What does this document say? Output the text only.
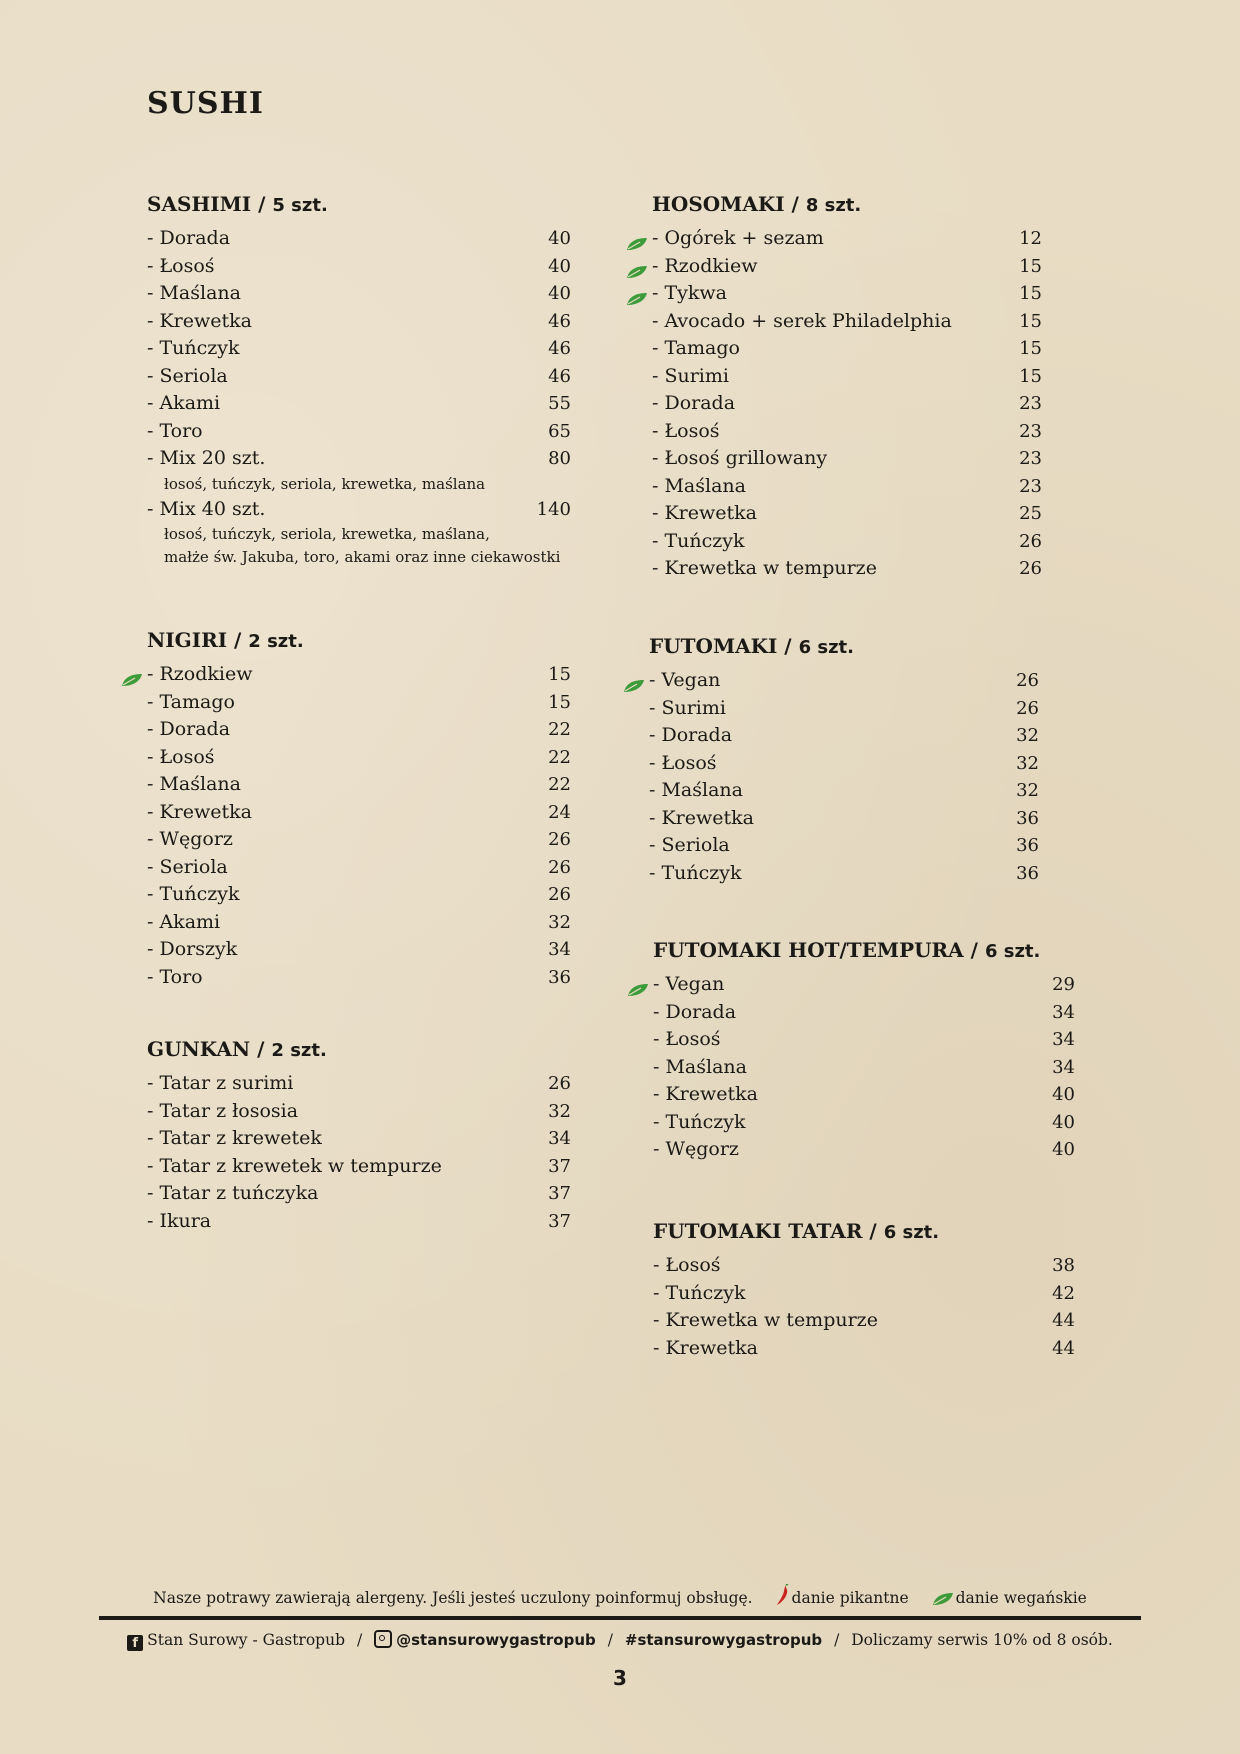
SUSHI
SASHIMI / 5 szt.
- Dorada	40
- Łosoś	40
- Maślana	40
- Krewetka	46
- Tuńczyk	46
- Seriola	46
- Akami	55
- Toro	65
- Mix 20 szt.	80
łosoś, tuńczyk, seriola, krewetka, maślana
- Mix 40 szt.	140
łosoś, tuńczyk, seriola, krewetka, maślana,
małże św. Jakuba, toro, akami oraz inne ciekawostki
NIGIRI / 2 szt.
- Rzodkiew	15
- Tamago	15
- Dorada	22
- Łosoś	22
- Maślana	22
- Krewetka	24
- Węgorz	26
- Seriola	26
- Tuńczyk	26
- Akami	32
- Dorszyk	34
- Toro	36
GUNKAN / 2 szt.
- Tatar z surimi	26
- Tatar z łososia	32
- Tatar z krewetek	34
- Tatar z krewetek w tempurze	37
- Tatar z tuńczyka	37
- Ikura	37
HOSOMAKI / 8 szt.
- Ogórek + sezam	12
- Rzodkiew	15
- Tykwa	15
- Avocado + serek Philadelphia	15
- Tamago	15
- Surimi	15
- Dorada	23
- Łosoś	23
- Łosoś grillowany	23
- Maślana	23
- Krewetka	25
- Tuńczyk	26
- Krewetka w tempurze	26
FUTOMAKI / 6 szt.
- Vegan	26
- Surimi	26
- Dorada	32
- Łosoś	32
- Maślana	32
- Krewetka	36
- Seriola	36
- Tuńczyk	36
FUTOMAKI HOT/TEMPURA / 6 szt.
- Vegan	29
- Dorada	34
- Łosoś	34
- Maślana	34
- Krewetka	40
- Tuńczyk	40
- Węgorz	40
FUTOMAKI TATAR / 6 szt.
- Łosoś	38
- Tuńczyk	42
- Krewetka w tempurze	44
- Krewetka	44
Nasze potrawy zawierają alergeny. Jeśli jesteś uczulony poinformuj obsługę.	danie pikantne	danie wegańskie
f Stan Surowy - Gastropub / @stansurowygastropub / #stansurowygastropub / Doliczamy serwis 10% od 8 osób.
3
